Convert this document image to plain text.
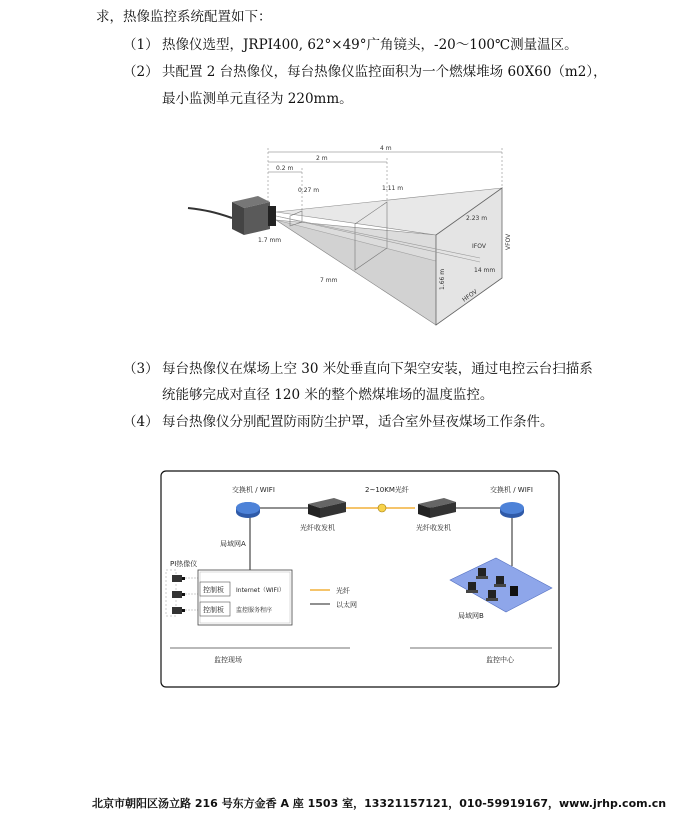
求，热像监控系统配置如下：
（1） 热像仪选型，JRPI400, 62°×49°广角镜头，-20～100℃测量温区。
（2） 共配置 2 台热像仪，每台热像仪监控面积为一个燃煤堆场 60X60（m2），
最小监测单元直径为 220mm。
0.2 m
2 m
4 m
0.27 m	1.11 m
2.23 m
1.7 mm
7 mm
IFOV
14 mm
VFOV
1.66 m
HFOV
（3） 每台热像仪在煤场上空 30 米处垂直向下架空安装，通过电控云台扫描系
统能够完成对直径 120 米的整个燃煤堆场的温度监控。
（4） 每台热像仪分别配置防雨防尘护罩，适合室外昼夜煤场工作条件。
交换机 / WIFI
光纤收发机
2~10KM光纤
光纤收发机
交换机 / WIFI
局域网A
PI热像仪
控制板
控制板
Internet（WIFI）
监控服务程序
光纤
以太网
局域网B
监控现场	监控中心
北京市朝阳区汤立路 216 号东方金香 A 座 1503 室，13321157121，010-59919167，www.jrhp.com.cn
